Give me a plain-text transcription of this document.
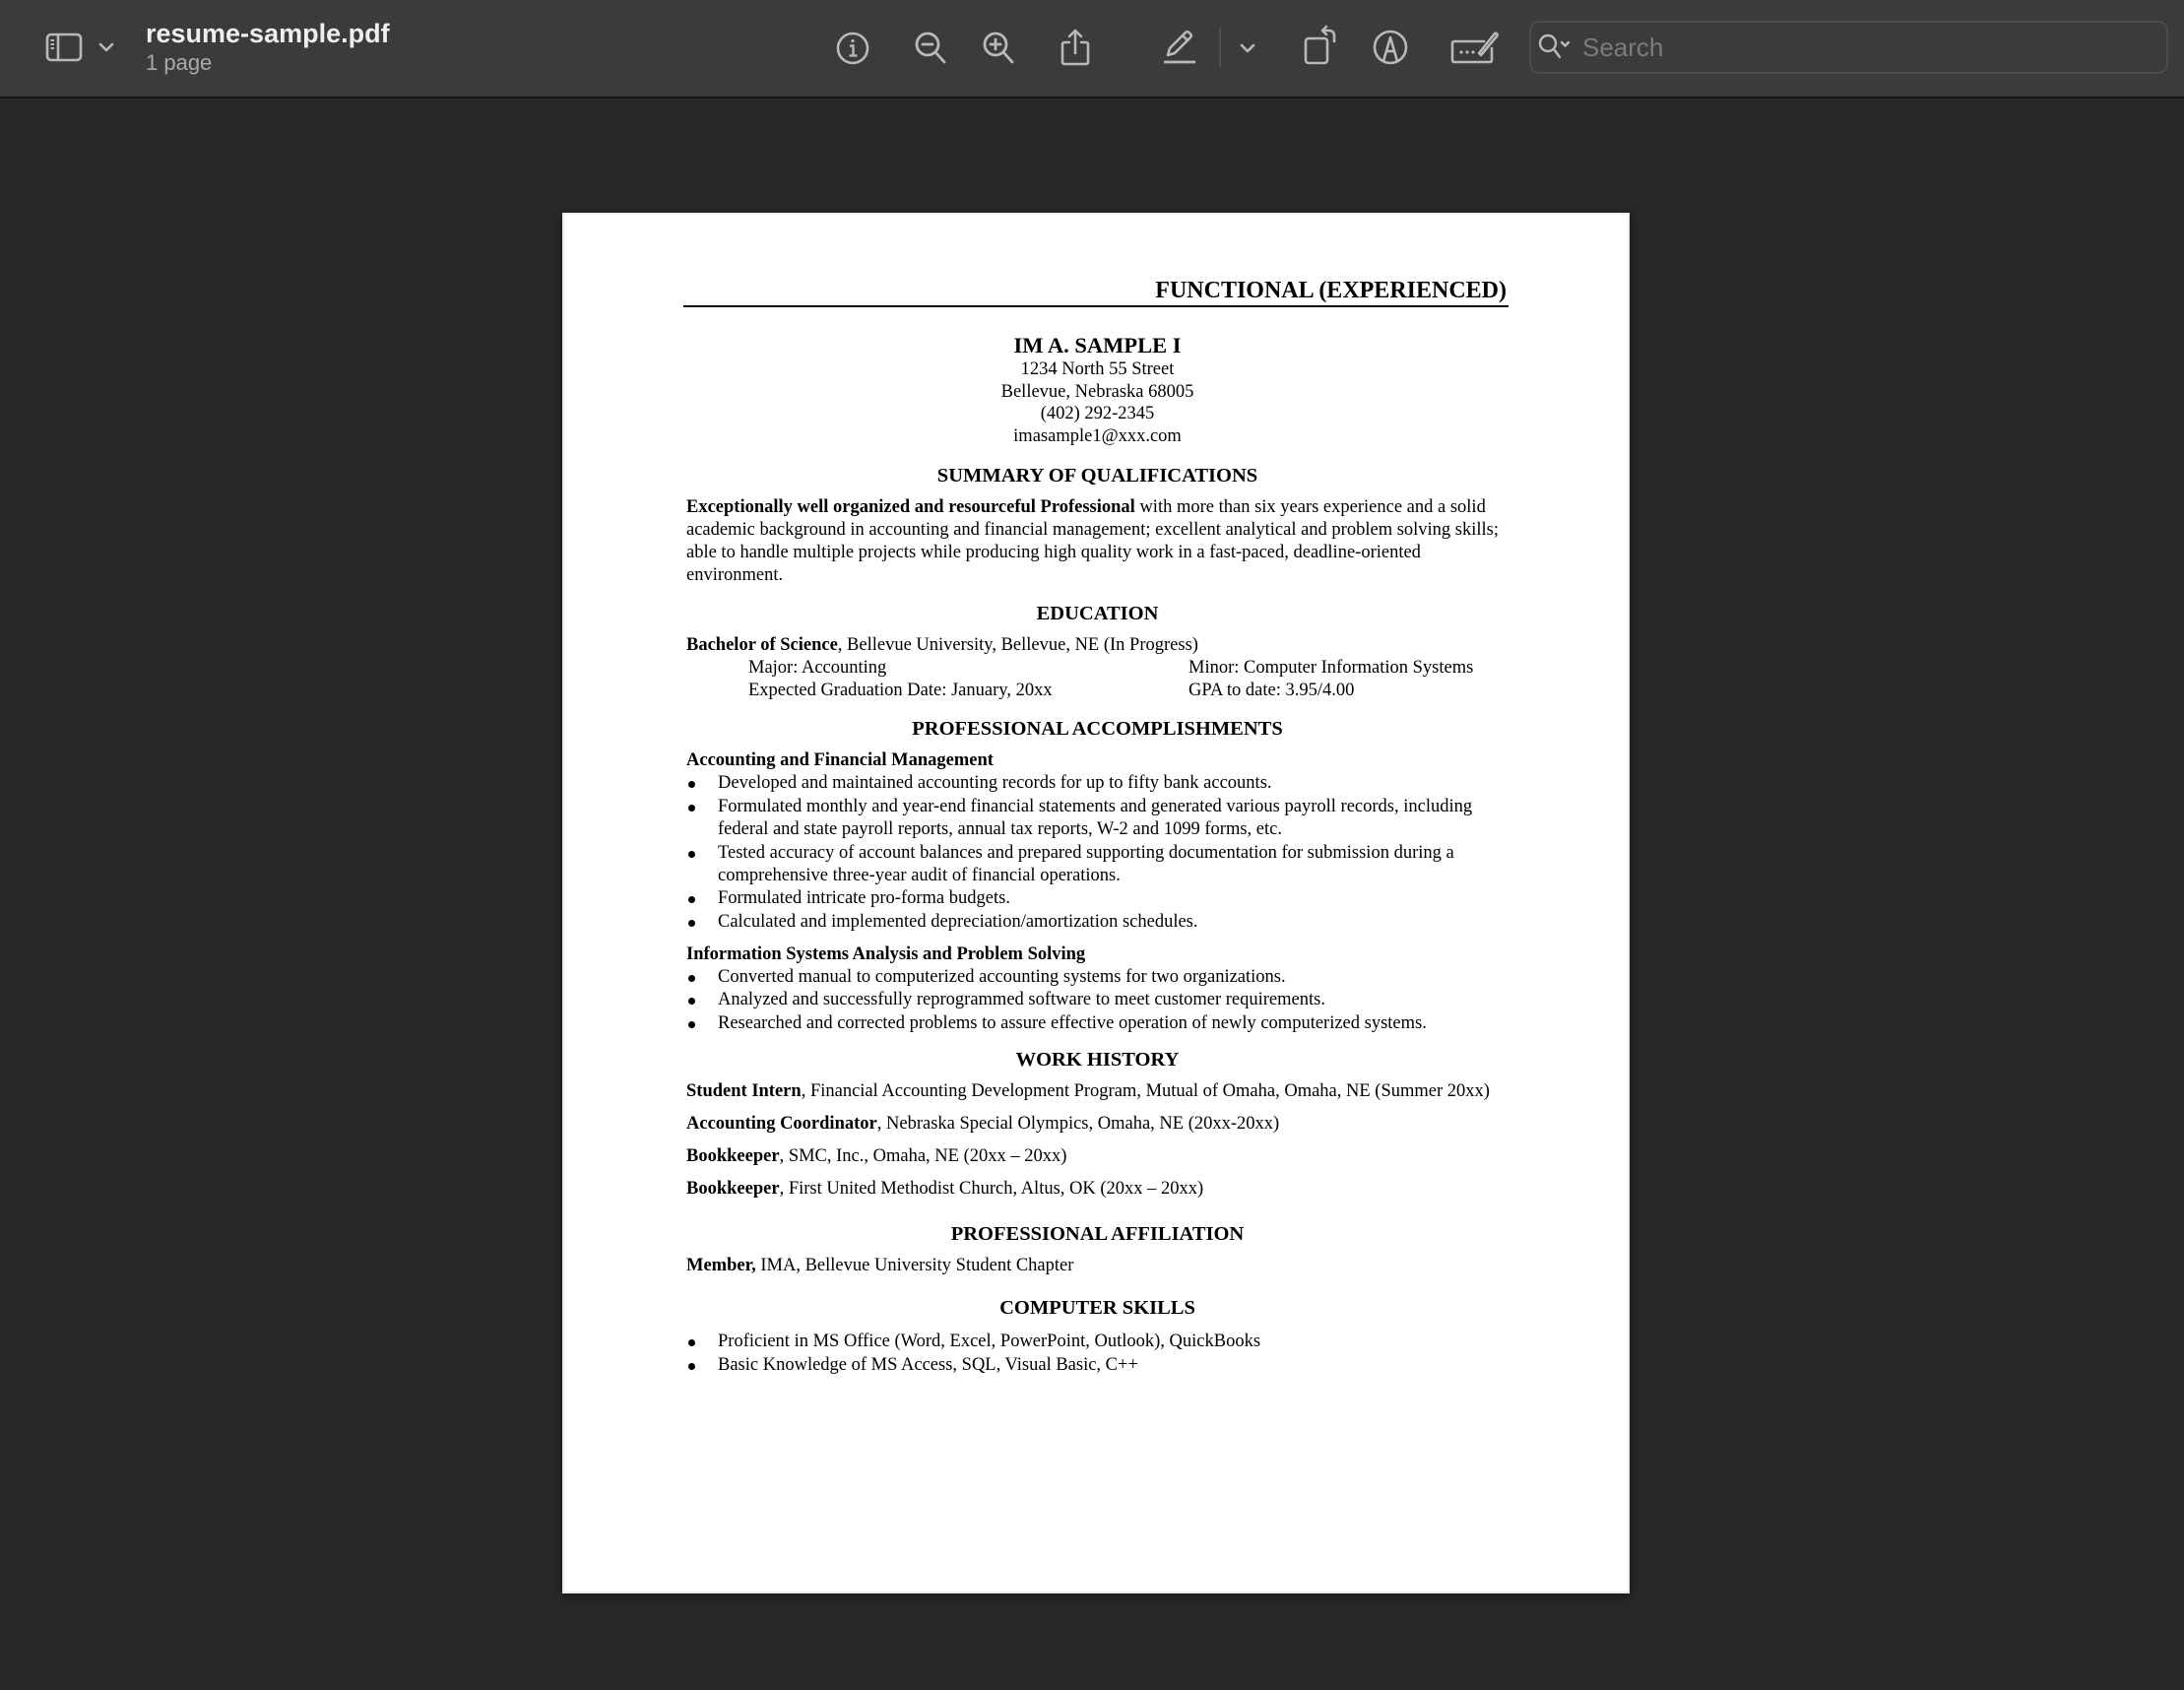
resume-sample.pdf
1 page
Search
FUNCTIONAL (EXPERIENCED)
IM A. SAMPLE I
1234 North 55 Street
Bellevue, Nebraska 68005
(402) 292-2345
imasample1@xxx.com
SUMMARY OF QUALIFICATIONS
Exceptionally well organized and resourceful Professional with more than six years experience and a solid academic background in accounting and financial management; excellent analytical and problem solving skills; able to handle multiple projects while producing high quality work in a fast-paced, deadline-oriented environment.
EDUCATION
Bachelor of Science, Bellevue University, Bellevue, NE (In Progress)
Major: Accounting	Minor: Computer Information Systems
Expected Graduation Date: January, 20xx	GPA to date: 3.95/4.00
PROFESSIONAL ACCOMPLISHMENTS
Accounting and Financial Management
Developed and maintained accounting records for up to fifty bank accounts.
Formulated monthly and year-end financial statements and generated various payroll records, including federal and state payroll reports, annual tax reports, W-2 and 1099 forms, etc.
Tested accuracy of account balances and prepared supporting documentation for submission during a comprehensive three-year audit of financial operations.
Formulated intricate pro-forma budgets.
Calculated and implemented depreciation/amortization schedules.
Information Systems Analysis and Problem Solving
Converted manual to computerized accounting systems for two organizations.
Analyzed and successfully reprogrammed software to meet customer requirements.
Researched and corrected problems to assure effective operation of newly computerized systems.
WORK HISTORY
Student Intern, Financial Accounting Development Program, Mutual of Omaha, Omaha, NE (Summer 20xx)
Accounting Coordinator, Nebraska Special Olympics, Omaha, NE (20xx-20xx)
Bookkeeper, SMC, Inc., Omaha, NE (20xx – 20xx)
Bookkeeper, First United Methodist Church, Altus, OK (20xx – 20xx)
PROFESSIONAL AFFILIATION
Member, IMA, Bellevue University Student Chapter
COMPUTER SKILLS
Proficient in MS Office (Word, Excel, PowerPoint, Outlook), QuickBooks
Basic Knowledge of MS Access, SQL, Visual Basic, C++
